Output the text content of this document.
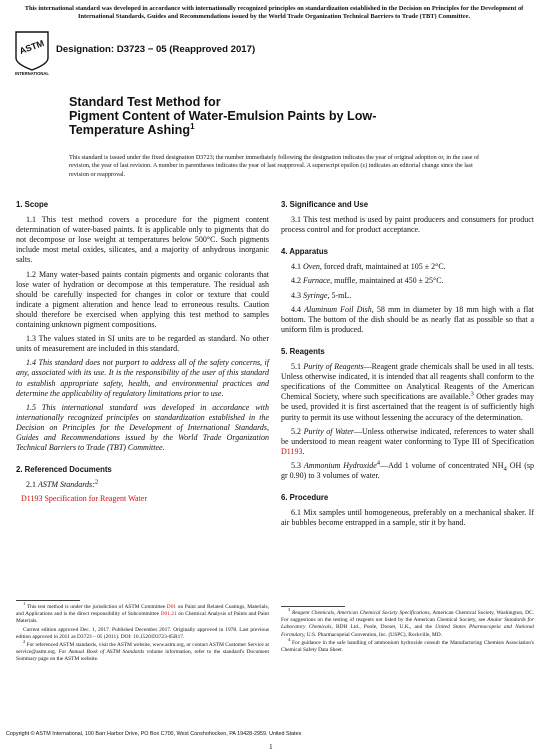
This international standard was developed in accordance with internationally recognized principles on standardization established in the Decision on Principles for the Development of International Standards, Guides and Recommendations issued by the World Trade Organization Technical Barriers to Trade (TBT) Committee.
ASTM
INTERNATIONAL
Designation: D3723 − 05 (Reapproved 2017)
Standard Test Method for
Pigment Content of Water-Emulsion Paints by Low-
Temperature Ashing$^1$
This standard is issued under the fixed designation D3723; the number immediately following the designation indicates the year of original adoption or, in the case of revision, the year of last revision. A number in parentheses indicates the year of last reapproval. A superscript epsilon (ε) indicates an editorial change since the last revision or reapproval.
1. Scope

1.1 This test method covers a procedure for the pigment content determination of water-based paints. It is applicable only to pigments that do not decompose or lose weight at temperatures below 500°C. Such pigments include most metal oxides, silicates, and a majority of anhydrous inorganic salts.

1.2 Many water-based paints contain pigments and organic colorants that lose water of hydration or decompose at this temperature. The residual ash should be carefully inspected for changes in color or texture that could indicate a pigment alteration and hence lead to erroneous results. Caution should therefore be exercised when applying this test method to samples containing unknown pigment compositions.

1.3 The values stated in SI units are to be regarded as standard. No other units of measurement are included in this standard.

1.4 This standard does not purport to address all of the safety concerns, if any, associated with its use. It is the responsibility of the user of this standard to establish appropriate safety, health, and environmental practices and determine the applicability of regulatory limitations prior to use.

1.5 This international standard was developed in accordance with internationally recognized principles on standardization established in the Decision on Principles for the Development of International Standards, Guides and Recommendations issued by the World Trade Organization Technical Barriers to Trade (TBT) Committee.

2. Referenced Documents

2.1 ASTM Standards:$^2$

D1193 Specification for Reagent Water

3. Significance and Use

3.1 This test method is used by paint producers and consumers for product process control and for product acceptance.

4. Apparatus

4.1 Oven, forced draft, maintained at 105 ± 2°C.

4.2 Furnace, muffle, maintained at 450 ± 25°C.

4.3 Syringe, 5-mL.

4.4 Aluminum Foil Dish, 58 mm in diameter by 18 mm high with a flat bottom. The bottom of the dish should be as nearly flat as possible so that a uniform film is produced.

5. Reagents

5.1 Purity of Reagents—Reagent grade chemicals shall be used in all tests. Unless otherwise indicated, it is intended that all reagents shall conform to the specifications of the Committee on Analytical Reagents of the American Chemical Society, where such specifications are available.$^3$ Other grades may be used, provided it is first ascertained that the reagent is of sufficiently high purity to permit its use without lessening the accuracy of the determination.

5.2 Purity of Water—Unless otherwise indicated, references to water shall be understood to mean reagent water conforming to Type III of Specification D1193.

5.3 Ammonium Hydroxide$^4$—Add 1 volume of concentrated $NH_4$ OH (sp gr 0.90) to 3 volumes of water.

6. Procedure

6.1 Mix samples until homogeneous, preferably on a mechanical shaker. If air bubbles become entrapped in a sample, stir it by hand.

$^1$ This test method is under the jurisdiction of ASTM Committee D01 on Paint and Related Coatings, Materials, and Applications and is the direct responsibility of Subcommittee D01.21 on Chemical Analysis of Paints and Paint Materials.

Current edition approved Dec. 1, 2017. Published December 2017. Originally approved in 1978. Last previous edition approved in 2011 as D3723 – 05 (2011). DOI: 10.1520/D3723-05R17.

$^2$ For referenced ASTM standards, visit the ASTM website, www.astm.org, or contact ASTM Customer Service at service@astm.org. For Annual Book of ASTM Standards volume information, refer to the standard's Document Summary page on the ASTM website.

$^3$ Reagent Chemicals, American Chemical Society Specifications, American Chemical Society, Washington, DC. For suggestions on the testing of reagents not listed by the American Chemical Society, see Analar Standards for Laboratory Chemicals, BDH Ltd., Poole, Dorset, U.K., and the United States Pharmacopeia and National Formulary, U.S. Pharmacopeial Convention, Inc. (USPC), Rockville, MD.

$^4$ For guidance in the safe handling of ammonium hydroxide consult the Manufacturing Chemists Association's Chemical Safety Data Sheet.

Copyright © ASTM International, 100 Barr Harbor Drive, PO Box C700, West Conshohocken, PA 19428-2959. United States
1
